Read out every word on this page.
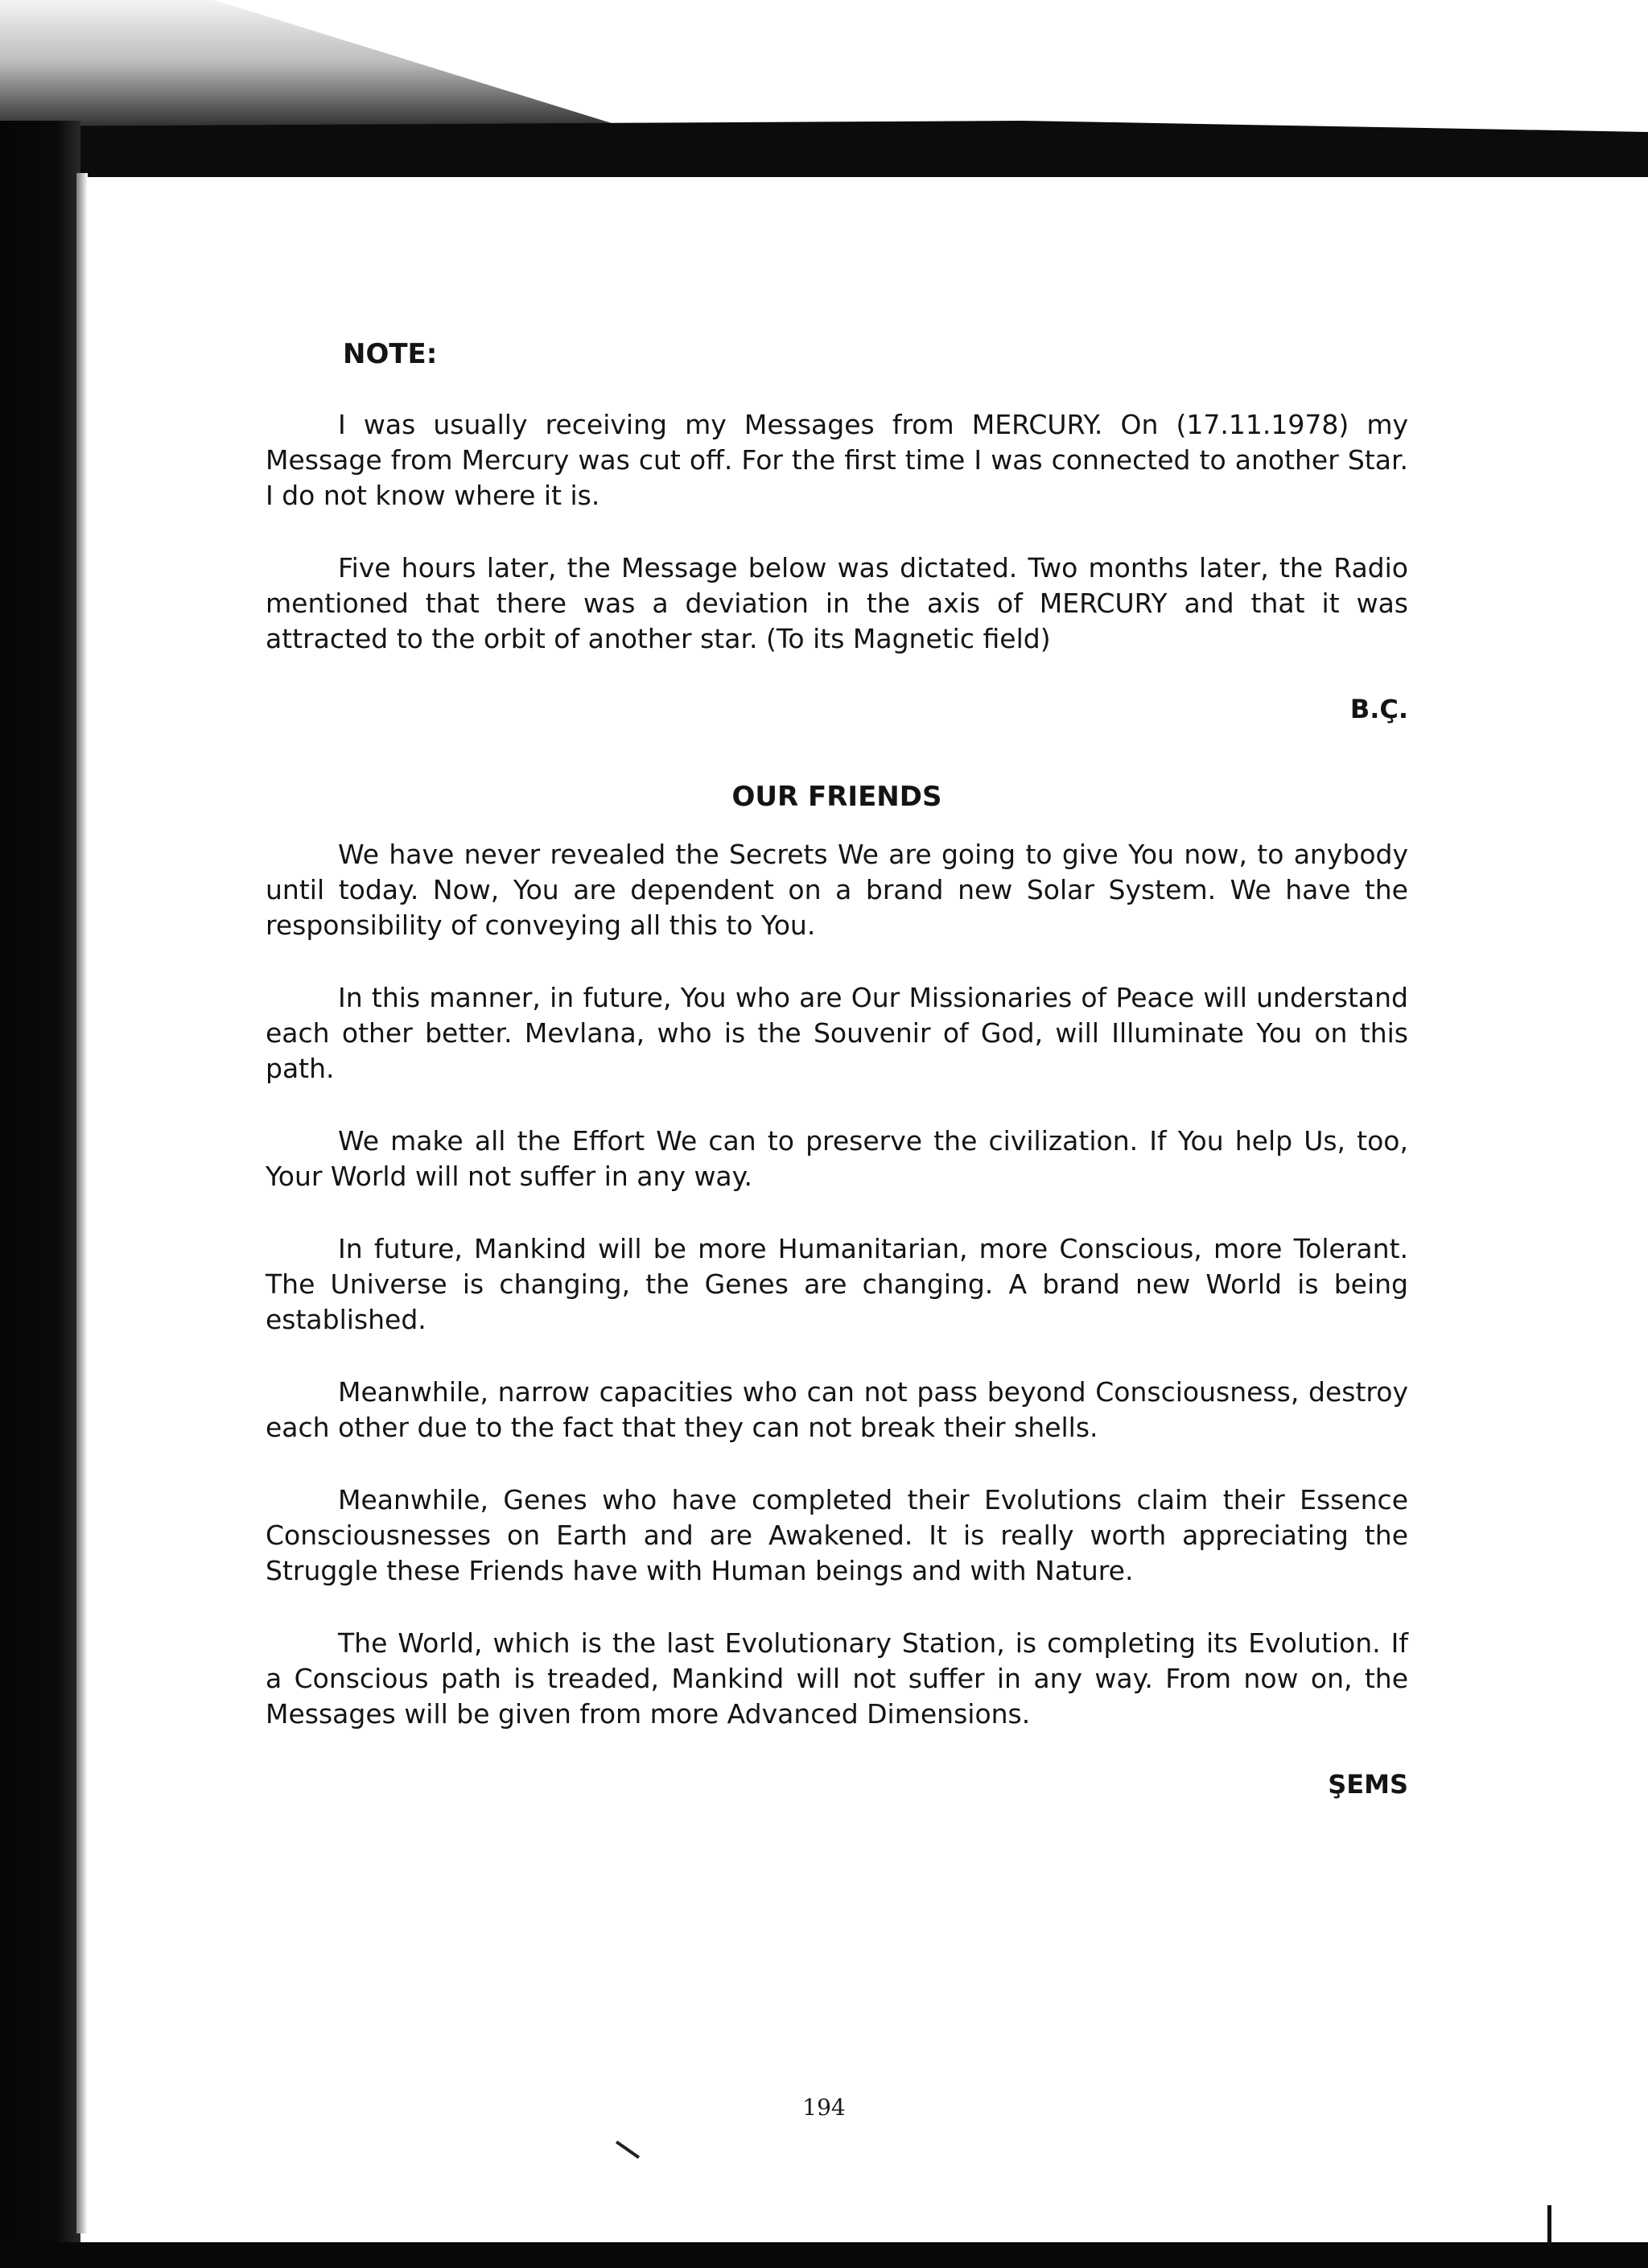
NOTE:

I was usually receiving my Messages from MERCURY. On (17.11.1978) my Message from Mercury was cut off. For the first time I was connected to another Star. I do not know where it is.

Five hours later, the Message below was dictated. Two months later, the Radio mentioned that there was a deviation in the axis of MERCURY and that it was attracted to the orbit of another star. (To its Magnetic field)

B.Ç.

OUR FRIENDS

We have never revealed the Secrets We are going to give You now, to anybody until today. Now, You are dependent on a brand new Solar System. We have the responsibility of conveying all this to You.

In this manner, in future, You who are Our Missionaries of Peace will understand each other better. Mevlana, who is the Souvenir of God, will Illuminate You on this path.

We make all the Effort We can to preserve the civilization. If You help Us, too, Your World will not suffer in any way.

In future, Mankind will be more Humanitarian, more Conscious, more Tolerant. The Universe is changing, the Genes are changing. A brand new World is being established.

Meanwhile, narrow capacities who can not pass beyond Consciousness, destroy each other due to the fact that they can not break their shells.

Meanwhile, Genes who have completed their Evolutions claim their Essence Consciousnesses on Earth and are Awakened. It is really worth appreciating the Struggle these Friends have with Human beings and with Nature.

The World, which is the last Evolutionary Station, is completing its Evolution. If a Conscious path is treaded, Mankind will not suffer in any way. From now on, the Messages will be given from more Advanced Dimensions.

ŞEMS

194
